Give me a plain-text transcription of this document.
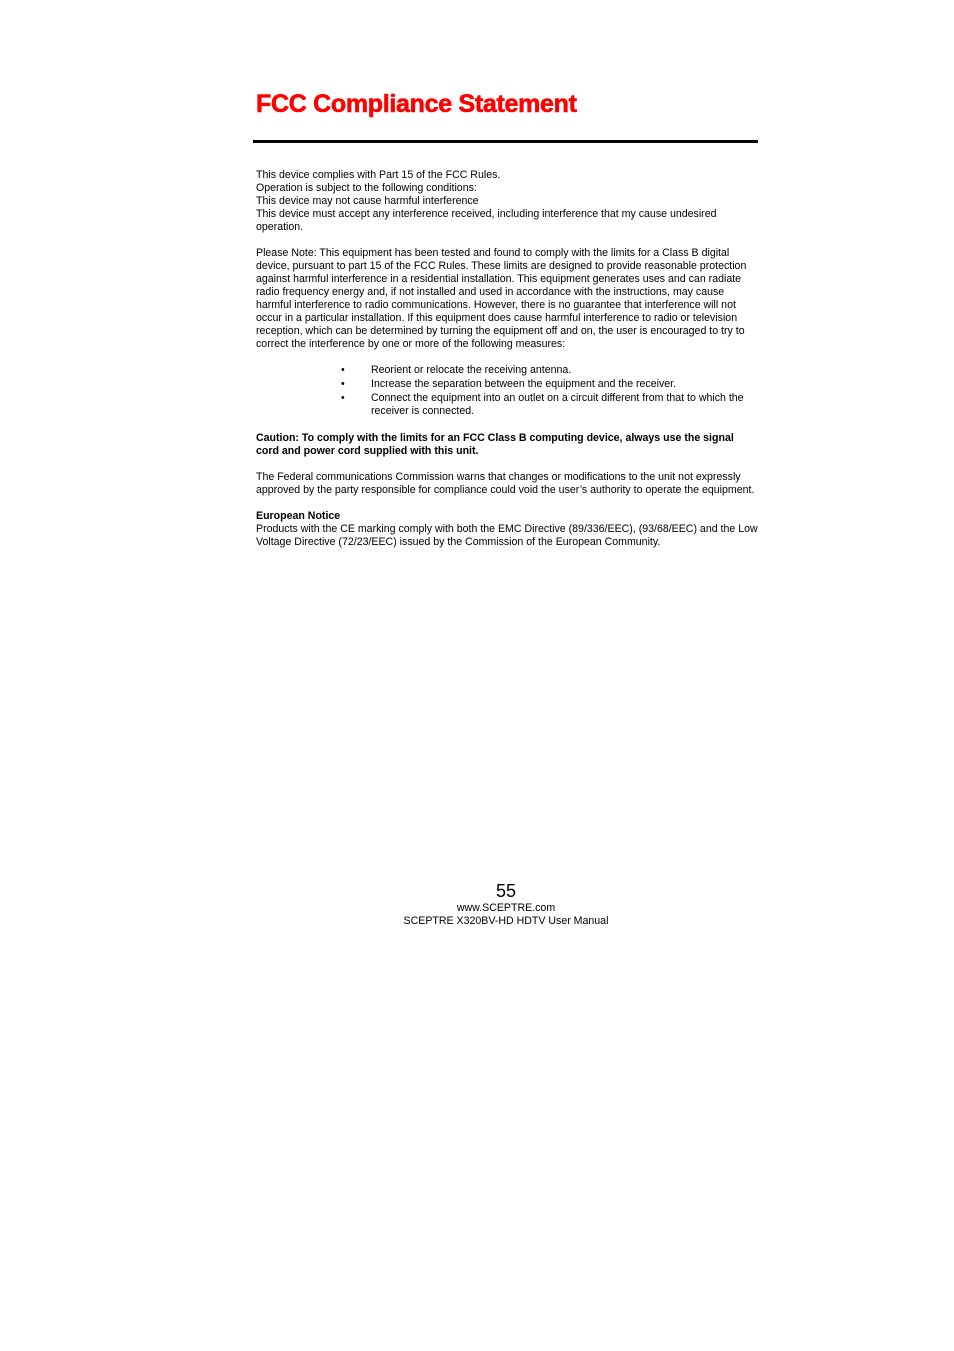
FCC Compliance Statement

This device complies with Part 15 of the FCC Rules.

Operation is subject to the following conditions:

This device may not cause harmful interference

This device must accept any interference received, including interference that my cause undesired operation.

Please Note: This equipment has been tested and found to comply with the limits for a Class B digital device, pursuant to part 15 of the FCC Rules. These limits are designed to provide reasonable protection against harmful interference in a residential installation. This equipment generates uses and can radiate radio frequency energy and, if not installed and used in accordance with the instructions, may cause harmful interference to radio communications. However, there is no guarantee that interference will not occur in a particular installation. If this equipment does cause harmful interference to radio or television reception, which can be determined by turning the equipment off and on, the user is encouraged to try to correct the interference by one or more of the following measures:

• Reorient or relocate the receiving antenna.
• Increase the separation between the equipment and the receiver.
• Connect the equipment into an outlet on a circuit different from that to which the receiver is connected.

Caution: To comply with the limits for an FCC Class B computing device, always use the signal cord and power cord supplied with this unit.

The Federal communications Commission warns that changes or modifications to the unit not expressly approved by the party responsible for compliance could void the user’s authority to operate the equipment.

European Notice

Products with the CE marking comply with both the EMC Directive (89/336/EEC), (93/68/EEC) and the Low Voltage Directive (72/23/EEC) issued by the Commission of the European Community.

55
www.SCEPTRE.com
SCEPTRE X320BV-HD HDTV User Manual
